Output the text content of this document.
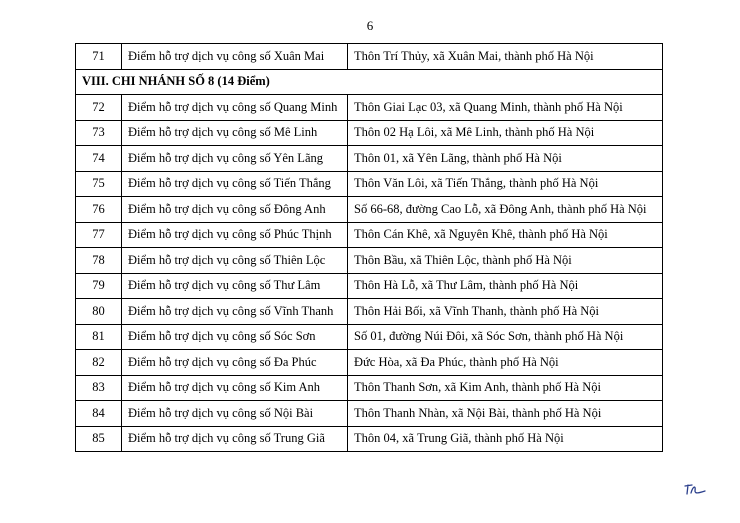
6
71	Điểm hỗ trợ dịch vụ công số Xuân Mai	Thôn Trí Thủy, xã Xuân Mai, thành phố Hà Nội
VIII. CHI NHÁNH SỐ 8 (14 Điểm)		
72	Điểm hỗ trợ dịch vụ công số Quang Minh	Thôn Giai Lạc 03, xã Quang Minh, thành phố Hà Nội
73	Điểm hỗ trợ dịch vụ công số Mê Linh	Thôn 02 Hạ Lôi, xã Mê Linh, thành phố Hà Nội
74	Điểm hỗ trợ dịch vụ công số Yên Lãng	Thôn 01, xã Yên Lãng, thành phố Hà Nội
75	Điểm hỗ trợ dịch vụ công số Tiến Thắng	Thôn Văn Lôi, xã Tiến Thắng, thành phố Hà Nội
76	Điểm hỗ trợ dịch vụ công số Đông Anh	Số 66-68, đường Cao Lỗ, xã Đông Anh, thành phố Hà Nội
77	Điểm hỗ trợ dịch vụ công số Phúc Thịnh	Thôn Cán Khê, xã Nguyên Khê, thành phố Hà Nội
78	Điểm hỗ trợ dịch vụ công số Thiên Lộc	Thôn Bầu, xã Thiên Lộc, thành phố Hà Nội
79	Điểm hỗ trợ dịch vụ công số Thư Lâm	Thôn Hà Lỗ, xã Thư Lâm, thành phố Hà Nội
80	Điểm hỗ trợ dịch vụ công số Vĩnh Thanh	Thôn Hải Bối, xã Vĩnh Thanh, thành phố Hà Nội
81	Điểm hỗ trợ dịch vụ công số Sóc Sơn	Số 01, đường Núi Đôi, xã Sóc Sơn, thành phố Hà Nội
82	Điểm hỗ trợ dịch vụ công số Đa Phúc	Đức Hòa, xã Đa Phúc, thành phố Hà Nội
83	Điểm hỗ trợ dịch vụ công số Kim Anh	Thôn Thanh Sơn, xã Kim Anh, thành phố Hà Nội
84	Điểm hỗ trợ dịch vụ công số Nội Bài	Thôn Thanh Nhàn, xã Nội Bài, thành phố Hà Nội
85	Điểm hỗ trợ dịch vụ công số Trung Giã	Thôn 04, xã Trung Giã, thành phố Hà Nội
